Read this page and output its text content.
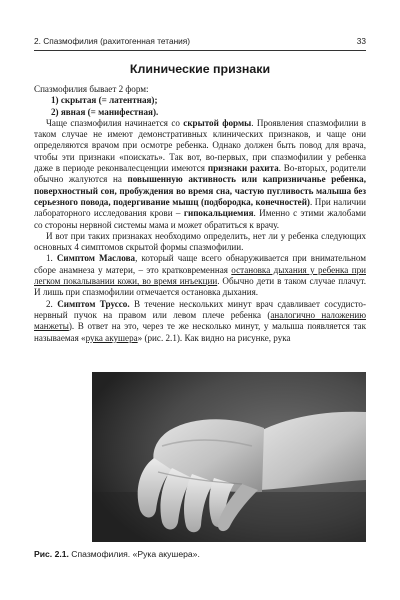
2. Спазмофилия (рахитогенная тетания)	33
Клинические признаки

Спазмофилия бывает 2 форм:

1) скрытая (= латентная);

2) явная (= манифестная).

Чаще спазмофилия начинается со скрытой формы. Проявления спазмофилии в таком случае не имеют демонстративных клинических признаков, и чаще они определяются врачом при осмотре ребенка. Однако должен быть повод для врача, чтобы эти признаки «поискать». Так вот, во-первых, при спазмофилии у ребенка даже в периоде реконвалесценции имеются признаки рахита. Во-вторых, родители обычно жалуются на повышенную активность или капризничанье ребенка, поверхностный сон, пробуждения во время сна, частую пугливость малыша без серьезного повода, подергивание мышц (подбородка, конечностей). При наличии лабораторного исследования крови – гипокальциемия. Именно с этими жалобами со стороны нервной системы мама и может обратиться к врачу.

И вот при таких признаках необходимо определить, нет ли у ребенка следующих основных 4 симптомов скрытой формы спазмофилии.

1. Симптом Маслова, который чаще всего обнаруживается при внимательном сборе анамнеза у матери, – это кратковременная остановка дыхания у ребенка при легком покалывании кожи, во время инъекции. Обычно дети в таком случае плачут. И лишь при спазмофилии отмечается остановка дыхания.

2. Симптом Труссо. В течение нескольких минут врач сдавливает сосудисто-нервный пучок на правом или левом плече ребенка (аналогично наложению манжеты). В ответ на это, через те же несколько минут, у малыша появляется так называемая «рука акушера» (рис. 2.1). Как видно на рисунке, рука

Рис. 2.1. Спазмофилия. «Рука акушера».
